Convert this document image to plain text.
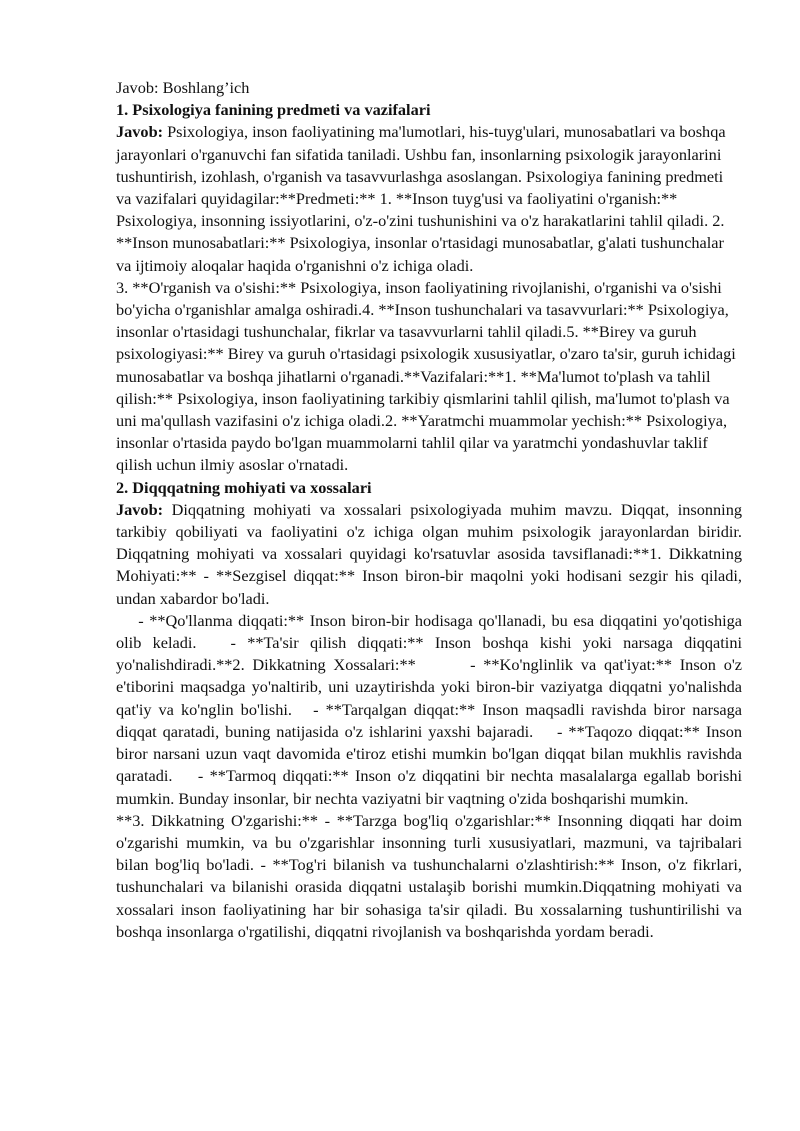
Javob: Boshlang’ich

1. Psixologiya fanining predmeti va vazifalari

Javob: Psixologiya, inson faoliyatining ma'lumotlari, his-tuyg'ulari, munosabatlari va boshqa jarayonlari o'rganuvchi fan sifatida taniladi. Ushbu fan, insonlarning psixologik jarayonlarini tushuntirish, izohlash, o'rganish va tasavvurlashga asoslangan. Psixologiya fanining predmeti va vazifalari quyidagilar:**Predmeti:** 1. **Inson tuyg'usi va faoliyatini o'rganish:** Psixologiya, insonning issiyotlarini, o'z-o'zini tushunishini va o'z harakatlarini tahlil qiladi. 2. **Inson munosabatlari:** Psixologiya, insonlar o'rtasidagi munosabatlar, g'alati tushunchalar va ijtimoiy aloqalar haqida o'rganishni o'z ichiga oladi.

3. **O'rganish va o'sishi:** Psixologiya, inson faoliyatining rivojlanishi, o'rganishi va o'sishi bo'yicha o'rganishlar amalga oshiradi.4. **Inson tushunchalari va tasavvurlari:** Psixologiya, insonlar o'rtasidagi tushunchalar, fikrlar va tasavvurlarni tahlil qiladi.5. **Birey va guruh psixologiyasi:** Birey va guruh o'rtasidagi psixologik xususiyatlar, o'zaro ta'sir, guruh ichidagi munosabatlar va boshqa jihatlarni o'rganadi.**Vazifalari:**1. **Ma'lumot to'plash va tahlil qilish:** Psixologiya, inson faoliyatining tarkibiy qismlarini tahlil qilish, ma'lumot to'plash va uni ma'qullash vazifasini o'z ichiga oladi.2. **Yaratmchi muammolar yechish:** Psixologiya, insonlar o'rtasida paydo bo'lgan muammolarni tahlil qilar va yaratmchi yondashuvlar taklif qilish uchun ilmiy asoslar o'rnatadi.

2. Diqqqatning mohiyati va xossalari

Javob: Diqqatning mohiyati va xossalari psixologiyada muhim mavzu. Diqqat, insonning tarkibiy qobiliyati va faoliyatini o'z ichiga olgan muhim psixologik jarayonlardan biridir. Diqqatning mohiyati va xossalari quyidagi ko'rsatuvlar asosida tavsiflanadi:**1. Dikkatning Mohiyati:** - **Sezgisel diqqat:** Inson biron-bir maqolni yoki hodisani sezgir his qiladi, undan xabardor bo'ladi.

- **Qo'llanma diqqati:** Inson biron-bir hodisaga qo'llanadi, bu esa diqqatini yo'qotishiga olib keladi.   - **Ta'sir qilish diqqati:** Inson boshqa kishi yoki narsaga diqqatini yo'nalishdiradi.**2. Dikkatning Xossalari:**       - **Ko'nglinlik va qat'iyat:** Inson o'z e'tiborini maqsadga yo'naltirib, uni uzaytirishda yoki biron-bir vaziyatga diqqatni yo'nalishda qat'iy va ko'nglin bo'lishi.   - **Tarqalgan diqqat:** Inson maqsadli ravishda biror narsaga diqqat qaratadi, buning natijasida o'z ishlarini yaxshi bajaradi.    - **Taqozo diqqat:** Inson biror narsani uzun vaqt davomida e'tiroz etishi mumkin bo'lgan diqqat bilan mukhlis ravishda qaratadi.    - **Tarmoq diqqati:** Inson o'z diqqatini bir nechta masalalarga egallab borishi mumkin. Bunday insonlar, bir nechta vaziyatni bir vaqtning o'zida boshqarishi mumkin.

**3. Dikkatning O'zgarishi:** - **Tarzga bog'liq o'zgarishlar:** Insonning diqqati har doim o'zgarishi mumkin, va bu o'zgarishlar insonning turli xususiyatlari, mazmuni, va tajribalari bilan bog'liq bo'ladi. - **Tog'ri bilanish va tushunchalarni o'zlashtirish:** Inson, o'z fikrlari, tushunchalari va bilanishi orasida diqqatni ustalaşib borishi mumkin.Diqqatning mohiyati va xossalari inson faoliyatining har bir sohasiga ta'sir qiladi. Bu xossalarning tushuntirilishi va boshqa insonlarga o'rgatilishi, diqqatni rivojlanish va boshqarishda yordam beradi.
